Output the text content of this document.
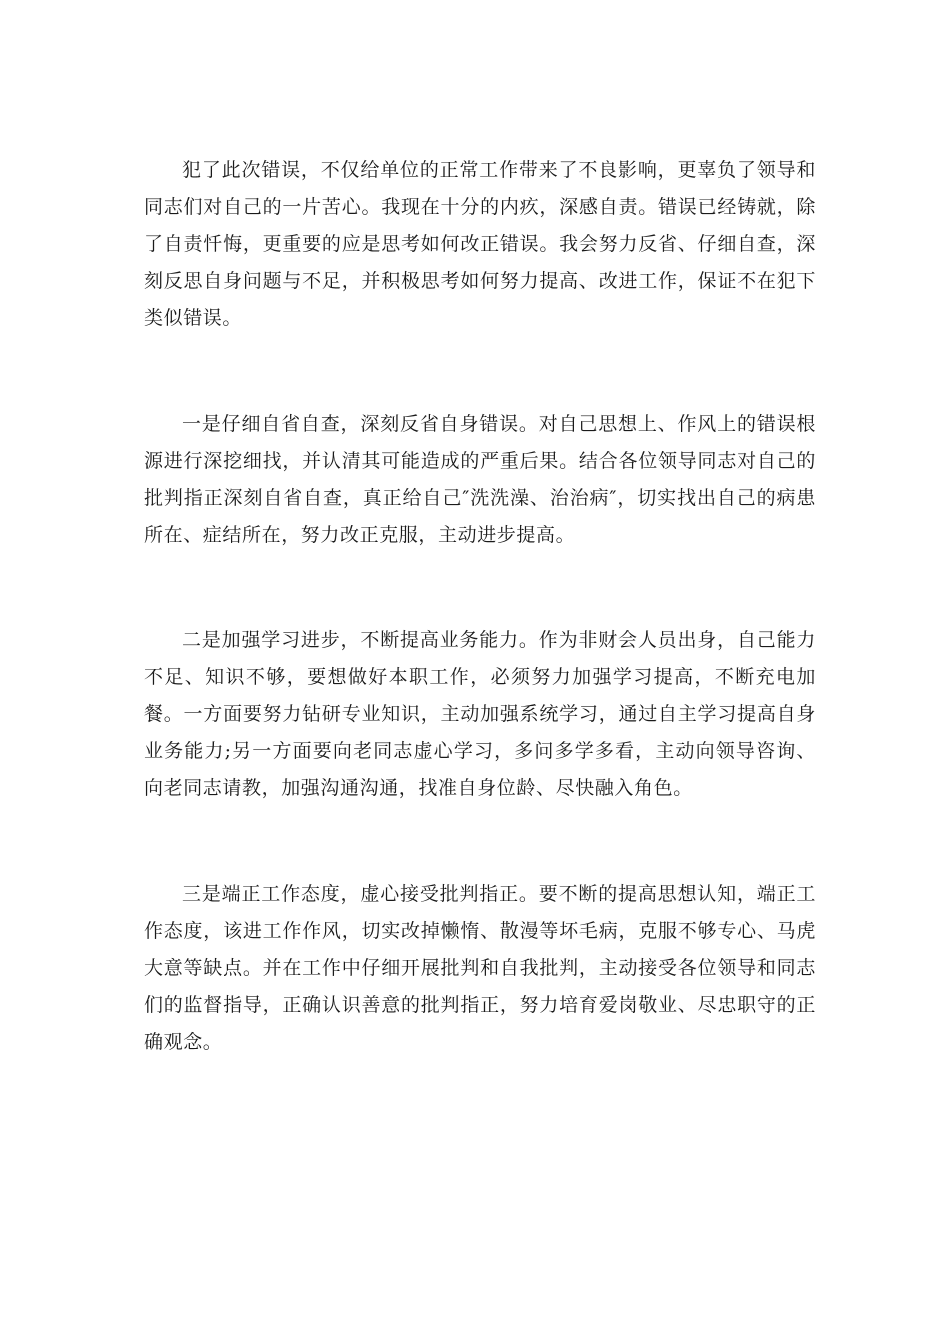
犯了此次错误，不仅给单位的正常工作带来了不良影响，更辜负了领导和同志们对自己的一片苦心。我现在十分的内疚，深感自责。错误已经铸就，除了自责忏悔，更重要的应是思考如何改正错误。我会努力反省、仔细自查，深刻反思自身问题与不足，并积极思考如何努力提高、改进工作，保证不在犯下类似错误。

一是仔细自省自查，深刻反省自身错误。对自己思想上、作风上的错误根源进行深挖细找，并认清其可能造成的严重后果。结合各位领导同志对自己的批判指正深刻自省自查，真正给自己″洗洗澡、治治病″，切实找出自己的病患所在、症结所在，努力改正克服，主动进步提高。

二是加强学习进步，不断提高业务能力。作为非财会人员出身，自己能力不足、知识不够，要想做好本职工作，必须努力加强学习提高，不断充电加餐。一方面要努力钻研专业知识，主动加强系统学习，通过自主学习提高自身业务能力;另一方面要向老同志虚心学习，多问多学多看，主动向领导咨询、向老同志请教，加强沟通沟通，找准自身位龄、尽快融入角色。

三是端正工作态度，虚心接受批判指正。要不断的提高思想认知，端正工作态度，该进工作作风，切实改掉懒惰、散漫等坏毛病，克服不够专心、马虎大意等缺点。并在工作中仔细开展批判和自我批判，主动接受各位领导和同志们的监督指导，正确认识善意的批判指正，努力培育爱岗敬业、尽忠职守的正确观念。
